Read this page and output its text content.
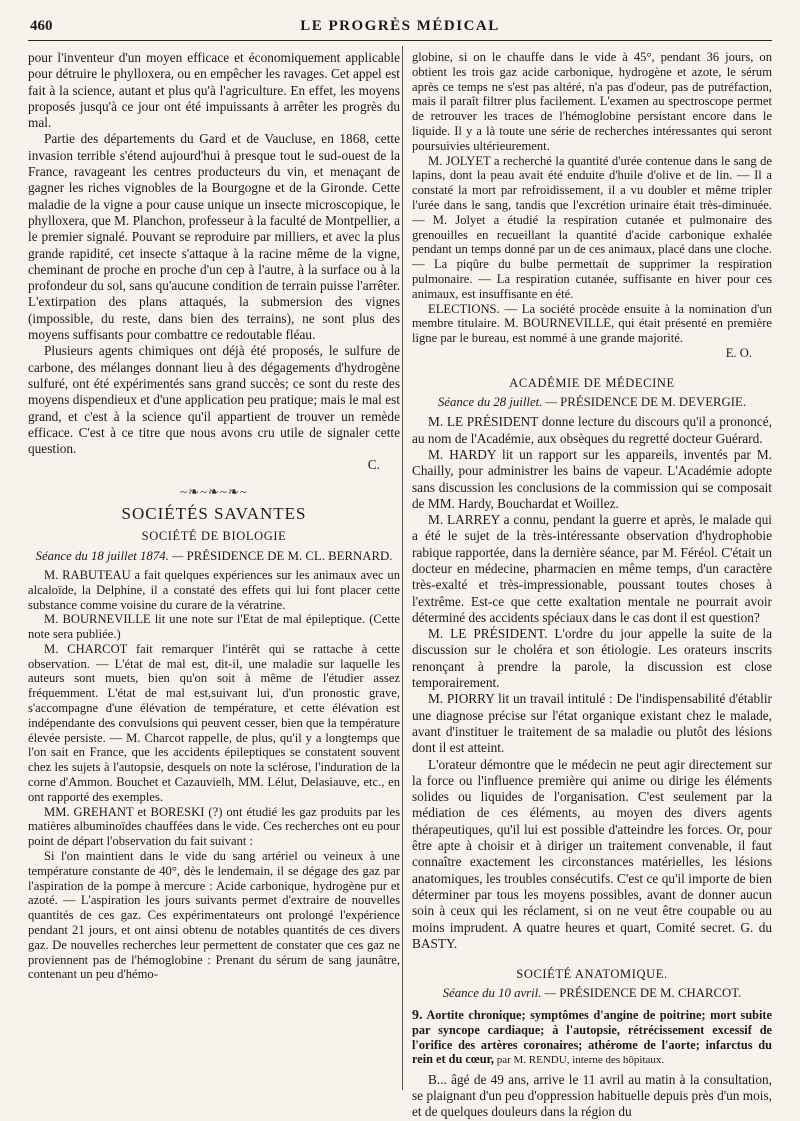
460	LE PROGRÈS MÉDICAL

pour l'inventeur d'un moyen efficace et économiquement applicable pour détruire le phylloxera, ou en empêcher les ravages. Cet appel est fait à la science, autant et plus qu'à l'agriculture. En effet, les moyens proposés jusqu'à ce jour ont été impuissants à arrêter les progrès du mal.

Partie des départements du Gard et de Vaucluse, en 1868, cette invasion terrible s'étend aujourd'hui à presque tout le sud-ouest de la France, ravageant les centres producteurs du vin, et menaçant de gagner les riches vignobles de la Bourgogne et de la Gironde. Cette maladie de la vigne a pour cause unique un insecte microscopique, le phylloxera, que M. Planchon, professeur à la faculté de Montpellier, a le premier signalé. Pouvant se reproduire par milliers, et avec la plus grande rapidité, cet insecte s'attaque à la racine même de la vigne, cheminant de proche en proche d'un cep à l'autre, à la surface ou à la profondeur du sol, sans qu'aucune condition de terrain puisse l'arrêter. L'extirpation des plans attaqués, la submersion des vignes (impossible, du reste, dans bien des terrains), ne sont plus des moyens suffisants pour combattre ce redoutable fléau.

Plusieurs agents chimiques ont déjà été proposés, le sulfure de carbone, des mélanges donnant lieu à des dégagements d'hydrogène sulfuré, ont été expérimentés sans grand succès; ce sont du reste des moyens dispendieux et d'une application peu pratique; mais le mal est grand, et c'est à la science qu'il appartient de trouver un remède efficace. C'est à ce titre que nous avons cru utile de signaler cette question.

C.
~❧~❧~❧~
SOCIÉTÉS SAVANTES
SOCIÉTÉ DE BIOLOGIE
Séance du 18 juillet 1874. — PRÉSIDENCE DE M. CL. BERNARD.

M. RABUTEAU a fait quelques expériences sur les animaux avec un alcaloïde, la Delphine, il a constaté des effets qui lui font placer cette substance comme voisine du curare de la vératrine.

M. BOURNEVILLE lit une note sur l'Etat de mal épileptique. (Cette note sera publiée.)

M. CHARCOT fait remarquer l'intérêt qui se rattache à cette observation. — L'état de mal est, dit-il, une maladie sur laquelle les auteurs sont muets, bien qu'on soit à même de l'étudier assez fréquemment. L'état de mal est,suivant lui, d'un pronostic grave, s'accompagne d'une élévation de température, et cette élévation est indépendante des convulsions qui peuvent cesser, bien que la température élevée persiste. — M. Charcot rappelle, de plus, qu'il y a longtemps que l'on sait en France, que les accidents épileptiques se constatent souvent chez les sujets à l'autopsie, desquels on note la sclérose, l'induration de la corne d'Ammon. Bouchet et Cazauvielh, MM. Lélut, Delasiauve, etc., en ont rapporté des exemples.

MM. GREHANT et BORESKI (?) ont étudié les gaz produits par les matières albuminoïdes chauffées dans le vide. Ces recherches ont eu pour point de départ l'observation du fait suivant :

Si l'on maintient dans le vide du sang artériel ou veineux à une température constante de 40°, dès le lendemain, il se dégage des gaz par l'aspiration de la pompe à mercure : Acide carbonique, hydrogène pur et azoté. — L'aspiration les jours suivants permet d'extraire de nouvelles quantités de ces gaz. Ces expérimentateurs ont prolongé l'expérience pendant 21 jours, et ont ainsi obtenu de notables quantités de ces divers gaz. De nouvelles recherches leur permettent de constater que ces gaz ne proviennent pas de l'hémoglobine : Prenant du sérum de sang jaunâtre, contenant un peu d'hémo-

globine, si on le chauffe dans le vide à 45°, pendant 36 jours, on obtient les trois gaz acide carbonique, hydrogène et azote, le sérum après ce temps ne s'est pas altéré, n'a pas d'odeur, pas de putréfaction, mais il paraît filtrer plus facilement. L'examen au spectroscope permet de retrouver les traces de l'hémoglobine persistant encore dans le liquide. Il y a là toute une série de recherches intéressantes qui seront poursuivies ultérieurement.

M. JOLYET a recherché la quantité d'urée contenue dans le sang de lapins, dont la peau avait été enduite d'huile d'olive et de lin. — Il a constaté la mort par refroidissement, il a vu doubler et même tripler l'urée dans le sang, tandis que l'excrétion urinaire était très-diminuée. — M. Jolyet a étudié la respiration cutanée et pulmonaire des grenouilles en recueillant la quantité d'acide carbonique exhalée pendant un temps donné par un de ces animaux, placé dans une cloche. — La piqûre du bulbe permettait de supprimer la respiration pulmonaire. — La respiration cutanée, suffisante en hiver pour ces animaux, est insuffisante en été.

ELECTIONS. — La société procède ensuite à la nomination d'un membre titulaire. M. BOURNEVILLE, qui était présenté en première ligne par le bureau, est nommé à une grande majorité.

E. O.
ACADÉMIE DE MÉDECINE
Séance du 28 juillet. — PRÉSIDENCE DE M. DEVERGIE.

M. LE PRÉSIDENT donne lecture du discours qu'il a prononcé, au nom de l'Académie, aux obsèques du regretté docteur Guérard.

M. HARDY lit un rapport sur les appareils, inventés par M. Chailly, pour administrer les bains de vapeur. L'Académie adopte sans discussion les conclusions de la commission qui se composait de MM. Hardy, Bouchardat et Woillez.

M. LARREY a connu, pendant la guerre et après, le malade qui a été le sujet de la très-intéressante observation d'hydrophobie rabique rapportée, dans la dernière séance, par M. Féréol. C'était un docteur en médecine, pharmacien en même temps, d'un caractère très-exalté et très-impressionable, poussant toutes choses à l'extrême. Est-ce que cette exaltation mentale ne pourrait avoir déterminé des accidents spéciaux dans le cas dont il est question?

M. LE PRÉSIDENT. L'ordre du jour appelle la suite de la discussion sur le choléra et son étiologie. Les orateurs inscrits renonçant à prendre la parole, la discussion est close temporairement.

M. PIORRY lit un travail intitulé : De l'indispensabilité d'établir une diagnose précise sur l'état organique existant chez le malade, avant d'instituer le traitement de sa maladie ou plutôt des lésions dont il est atteint.

L'orateur démontre que le médecin ne peut agir directement sur la force ou l'influence première qui anime ou dirige les éléments solides ou liquides de l'organisation. C'est seulement par la médiation de ces éléments, au moyen des divers agents thérapeutiques, qu'il lui est possible d'atteindre les forces. Or, pour être apte à choisir et à diriger un traitement convenable, il faut connaître exactement les circonstances matérielles, les lésions anatomiques, les troubles consécutifs. C'est ce qu'il importe de bien déterminer par tous les moyens possibles, avant de donner aucun soin à ceux qui les réclament, si on ne veut être coupable ou au moins imprudent. A quatre heures et quart, Comité secret. G. du BASTY.

SOCIÉTÉ ANATOMIQUE.
Séance du 10 avril. — PRÉSIDENCE DE M. CHARCOT.
9. Aortite chronique; symptômes d'angine de poitrine; mort subite par syncope cardiaque; à l'autopsie, rétrécissement excessif de l'orifice des artères coronaires; athérome de l'aorte; infarctus du rein et du cœur, par M. RENDU, interne des hôpitaux.

B... âgé de 49 ans, arrive le 11 avril au matin à la consultation, se plaignant d'un peu d'oppression habituelle depuis près d'un mois, et de quelques douleurs dans la région du
